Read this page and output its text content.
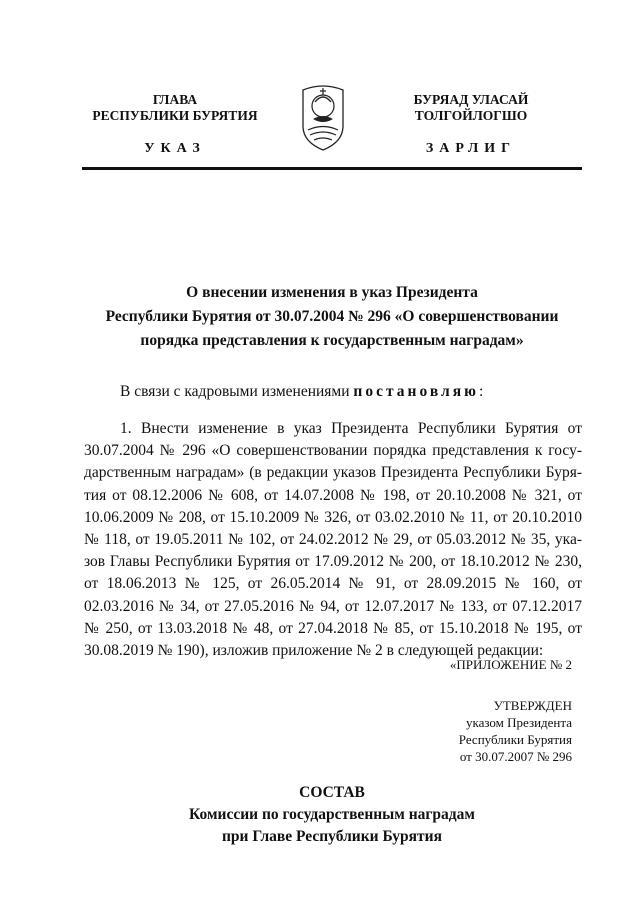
ГЛАВА
РЕСПУБЛИКИ БУРЯТИЯ
УКАЗ
БУРЯАД УЛАСАЙ
ТОЛГОЙЛОГШО
ЗАРЛИГ
О внесении изменения в указ Президента
Республики Бурятия от 30.07.2004 № 296 «О совершенствовании
порядка представления к государственным наградам»
В связи с кадровыми изменениями постановляю:
1. Внести изменение в указ Президента Республики Бурятия от
30.07.2004 № 296 «О совершенствовании порядка представления к госу-
дарственным наградам» (в редакции указов Президента Республики Буря-
тия от 08.12.2006 № 608, от 14.07.2008 № 198, от 20.10.2008 № 321, от
10.06.2009 № 208, от 15.10.2009 № 326, от 03.02.2010 № 11, от 20.10.2010
№ 118, от 19.05.2011 № 102, от 24.02.2012 № 29, от 05.03.2012 № 35, ука-
зов Главы Республики Бурятия от 17.09.2012 № 200, от 18.10.2012 № 230,
от 18.06.2013 № 125, от 26.05.2014 № 91, от 28.09.2015 № 160, от
02.03.2016 № 34, от 27.05.2016 № 94, от 12.07.2017 № 133, от 07.12.2017
№ 250, от 13.03.2018 № 48, от 27.04.2018 № 85, от 15.10.2018 № 195, от
30.08.2019 № 190), изложив приложение № 2 в следующей редакции:
«ПРИЛОЖЕНИЕ № 2
УТВЕРЖДЕН
указом Президента
Республики Бурятия
от 30.07.2007 № 296
СОСТАВ
Комиссии по государственным наградам
при Главе Республики Бурятия
